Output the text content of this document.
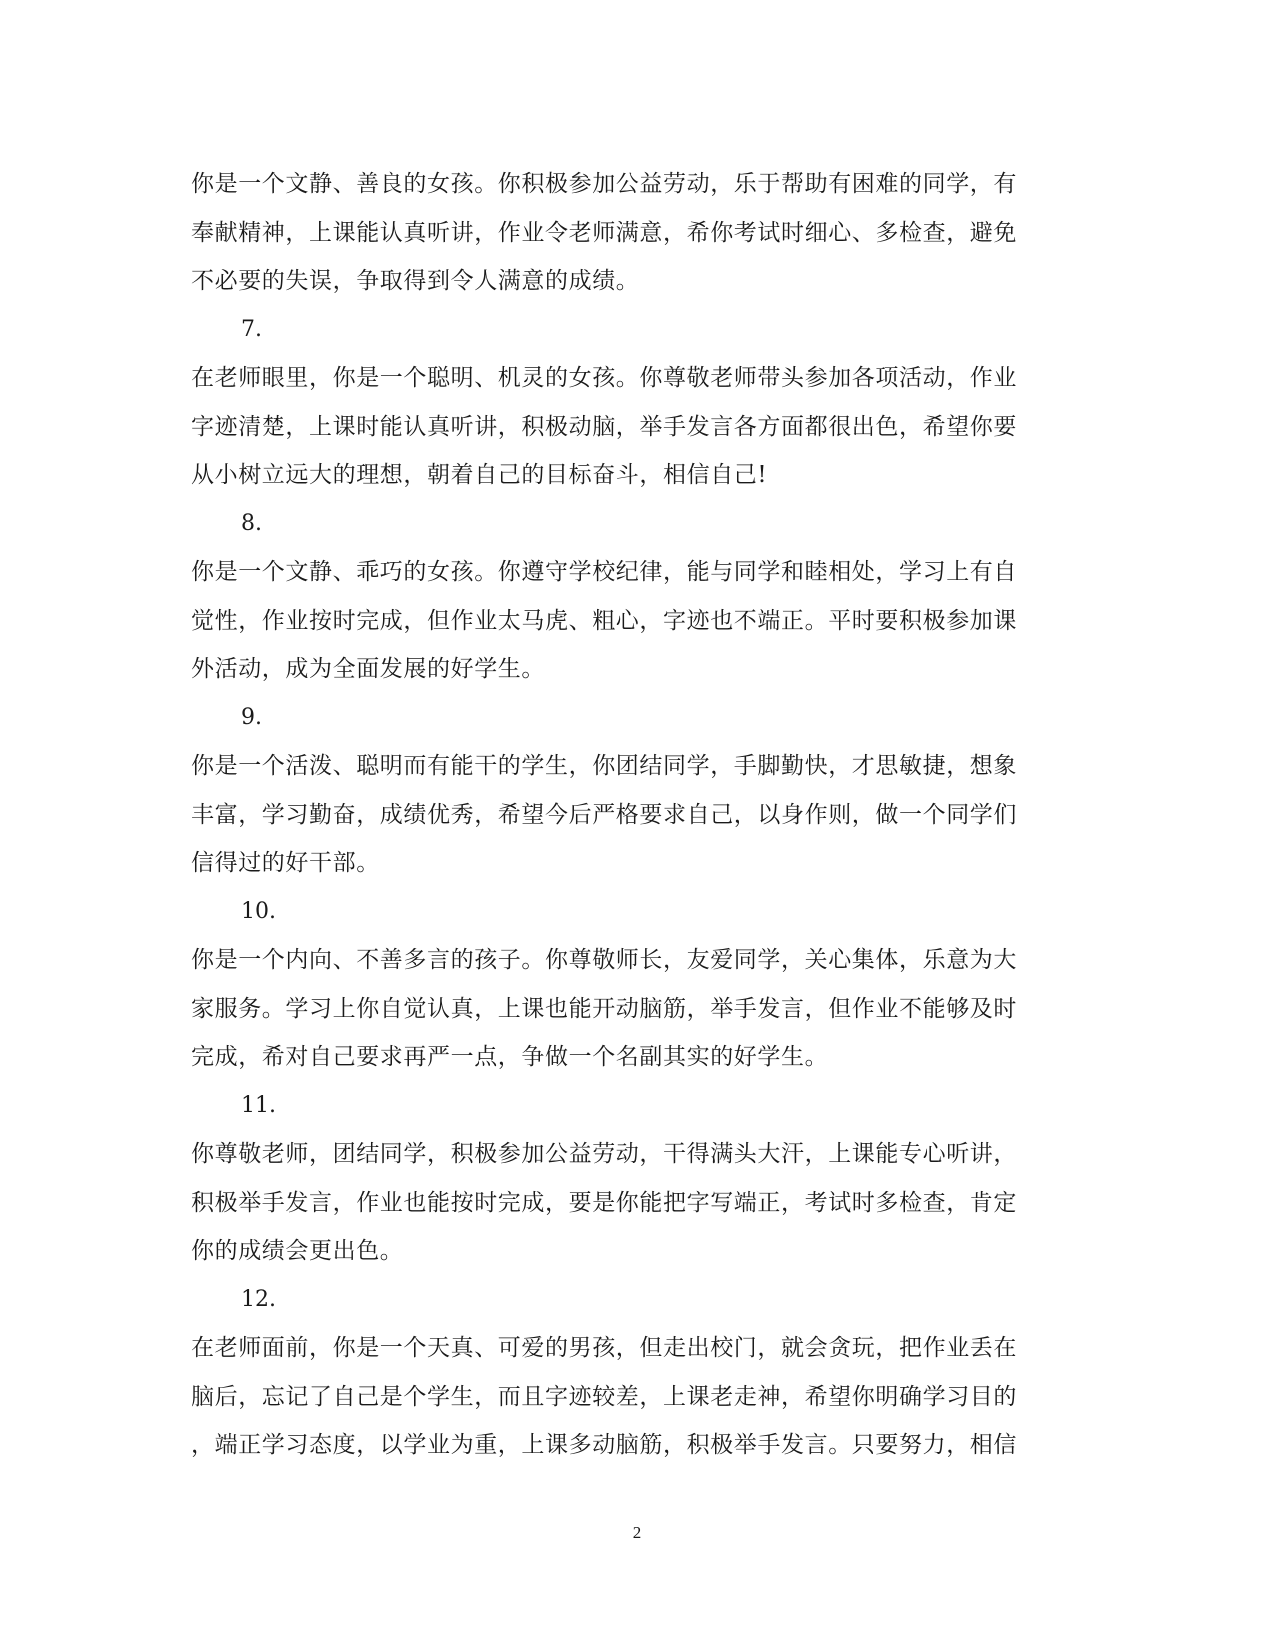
你是一个文静、善良的女孩。你积极参加公益劳动，乐于帮助有困难的同学，有
奉献精神，上课能认真听讲，作业令老师满意，希你考试时细心、多检查，避免
不必要的失误，争取得到令人满意的成绩。

7.

在老师眼里，你是一个聪明、机灵的女孩。你尊敬老师带头参加各项活动，作业
字迹清楚，上课时能认真听讲，积极动脑，举手发言各方面都很出色，希望你要
从小树立远大的理想，朝着自己的目标奋斗，相信自己!

8.

你是一个文静、乖巧的女孩。你遵守学校纪律，能与同学和睦相处，学习上有自
觉性，作业按时完成，但作业太马虎、粗心，字迹也不端正。平时要积极参加课
外活动，成为全面发展的好学生。

9.

你是一个活泼、聪明而有能干的学生，你团结同学，手脚勤快，才思敏捷，想象
丰富，学习勤奋，成绩优秀，希望今后严格要求自己，以身作则，做一个同学们
信得过的好干部。

10.

你是一个内向、不善多言的孩子。你尊敬师长，友爱同学，关心集体，乐意为大
家服务。学习上你自觉认真，上课也能开动脑筋，举手发言，但作业不能够及时
完成，希对自己要求再严一点，争做一个名副其实的好学生。

11.

你尊敬老师，团结同学，积极参加公益劳动，干得满头大汗，上课能专心听讲，
积极举手发言，作业也能按时完成，要是你能把字写端正，考试时多检查，肯定
你的成绩会更出色。

12.

在老师面前，你是一个天真、可爱的男孩，但走出校门，就会贪玩，把作业丢在
脑后，忘记了自己是个学生，而且字迹较差，上课老走神，希望你明确学习目的
，端正学习态度，以学业为重，上课多动脑筋，积极举手发言。只要努力，相信

2
